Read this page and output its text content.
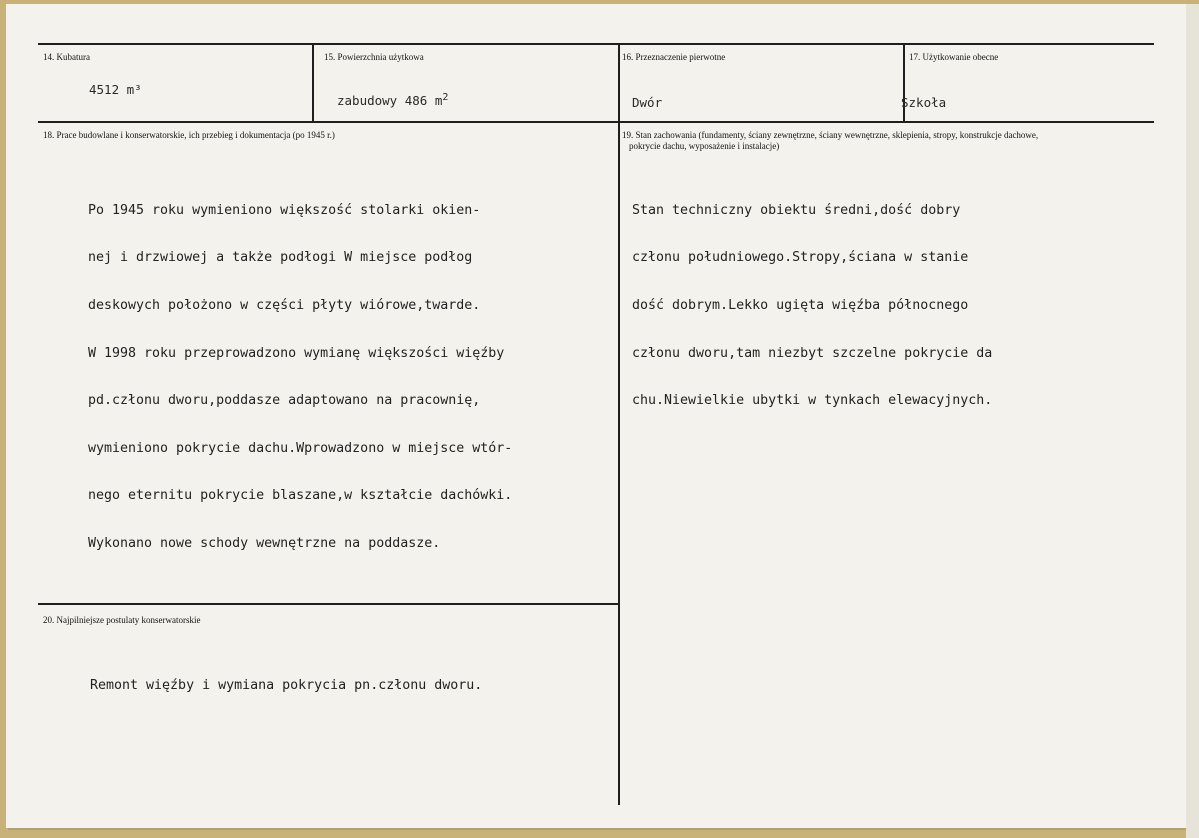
14. Kubatura
4512 m³
15. Powierzchnia użytkowa
zabudowy 486 $m^2$
16. Przeznaczenie pierwotne
Dwór
17. Użytkowanie obecne
Szkoła
18. Prace budowlane i konserwatorskie, ich przebieg i dokumentacja (po 1945 r.)

Po 1945 roku wymieniono większość stolarki okien-

nej i drzwiowej a także podłogi W miejsce podłog

deskowych położono w części płyty wiórowe,twarde.

W 1998 roku przeprowadzono wymianę większości więźby

pd.członu dworu,poddasze adaptowano na pracownię,

wymieniono pokrycie dachu.Wprowadzono w miejsce wtór-

nego eternitu pokrycie blaszane,w kształcie dachówki.

Wykonano nowe schody wewnętrzne na poddasze.

19. Stan zachowania (fundamenty, ściany zewnętrzne, ściany wewnętrzne, sklepienia, stropy, konstrukcje dachowe,
pokrycie dachu, wyposażenie i instalacje)

Stan techniczny obiektu średni,dość dobry

członu południowego.Stropy,ściana w stanie

dość dobrym.Lekko ugięta więźba północnego

członu dworu,tam niezbyt szczelne pokrycie da

chu.Niewielkie ubytki w tynkach elewacyjnych.

20. Najpilniejsze postulaty konserwatorskie

Remont więźby i wymiana pokrycia pn.członu dworu.
